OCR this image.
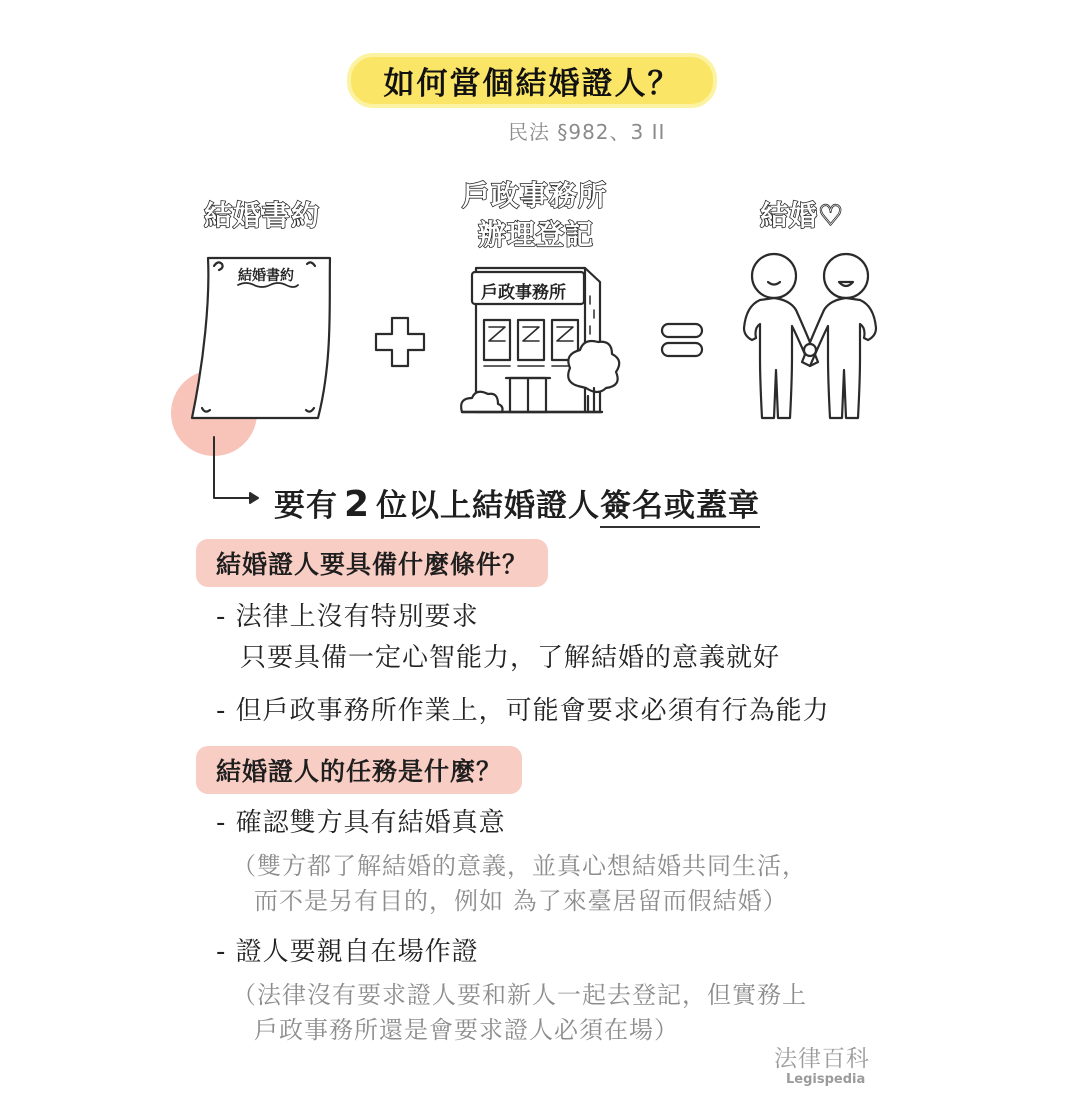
如何當個結婚證人？
民法 §982、3 II
結婚書約
戶政事務所
辦理登記
結婚♡
結婚書約
戶政事務所
要有 2 位以上結婚證人簽名或蓋章
結婚證人要具備什麼條件？
- 法律上沒有特別要求
只要具備一定心智能力，了解結婚的意義就好
- 但戶政事務所作業上，可能會要求必須有行為能力
結婚證人的任務是什麼？
- 確認雙方具有結婚真意
（雙方都了解結婚的意義，並真心想結婚共同生活，
而不是另有目的，例如 為了來臺居留而假結婚）
- 證人要親自在場作證
（法律沒有要求證人要和新人一起去登記，但實務上
戶政事務所還是會要求證人必須在場）
法律百科
Legispedia
